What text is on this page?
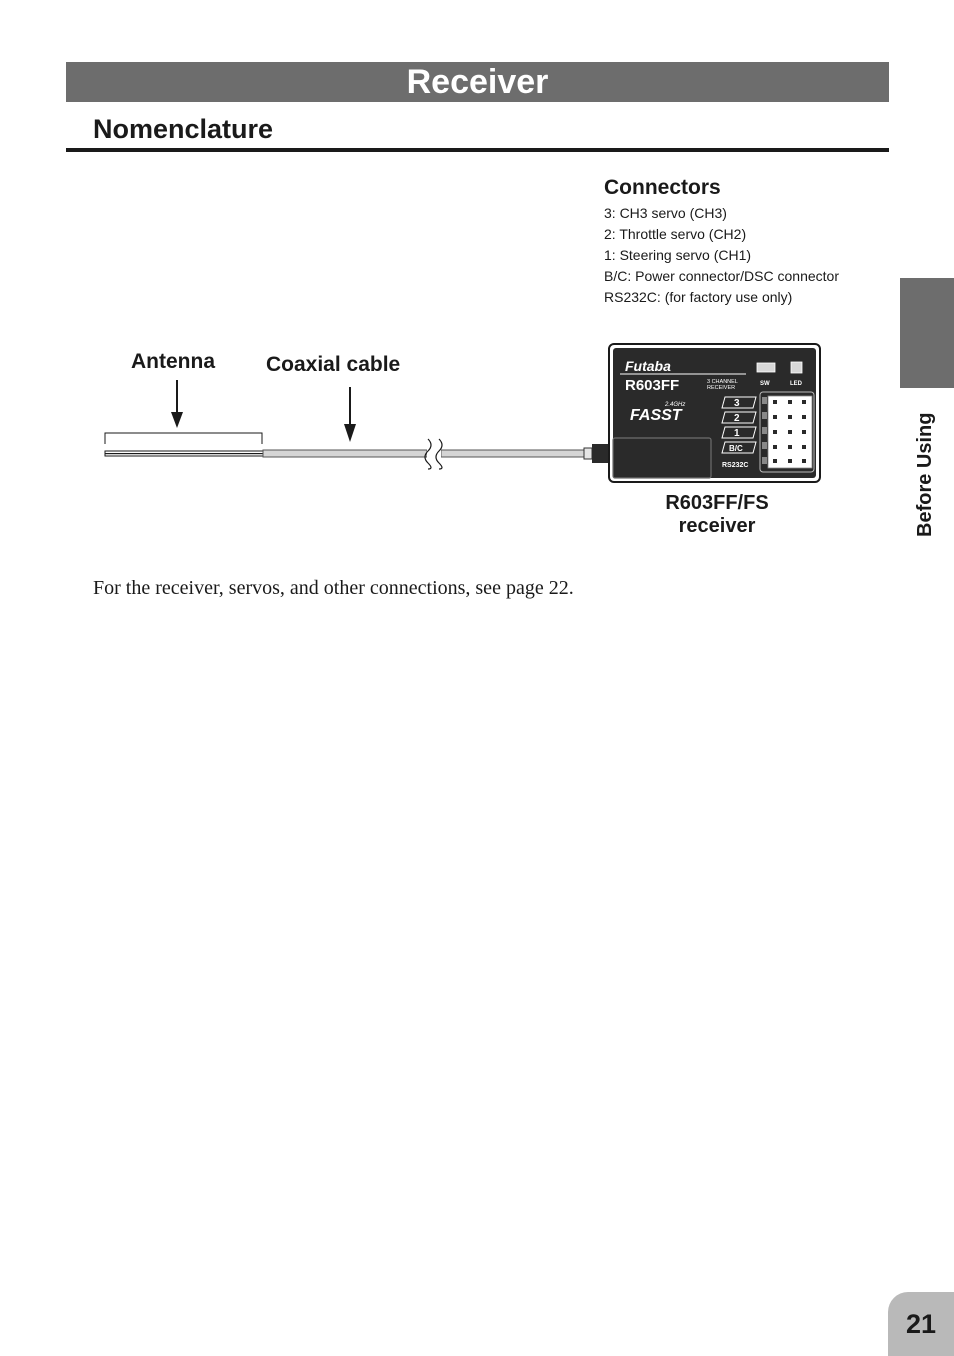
Receiver
Nomenclature
Connectors
3: CH3 servo (CH3)
2: Throttle servo (CH2)
1: Steering servo (CH1)
B/C: Power connector/DSC connector
RS232C: (for factory use only)
Antenna Coaxial cable	Futaba
R603FF	3 CHANNEL
RECEIVER
2.4GHz
FASST
SW	LED
3
2
1
B/C
RS232C
R603FF/FS
receiver
For the receiver, servos, and other connections, see page 22.
Before Using
21
